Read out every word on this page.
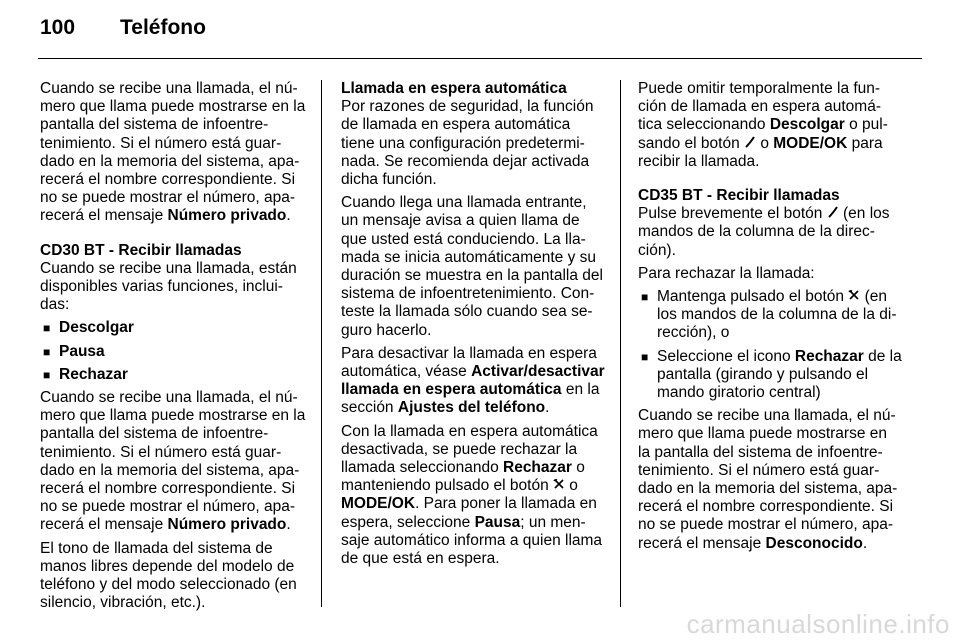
100	Teléfono

Cuando se recibe una llamada, el nú-mero que llama puede mostrarse en la pantalla del sistema de infoentre-tenimiento. Si el número está guar-dado en la memoria del sistema, apa-recerá el nombre correspondiente. Si no se puede mostrar el número, apa-recerá el mensaje Número privado.

CD30 BT - Recibir llamadas

Cuando se recibe una llamada, están disponibles varias funciones, inclui-das:

■ Descolgar
■ Pausa
■ Rechazar

Cuando se recibe una llamada, el nú-mero que llama puede mostrarse en la pantalla del sistema de infoentre-tenimiento. Si el número está guar-dado en la memoria del sistema, apa-recerá el nombre correspondiente. Si no se puede mostrar el número, apa-recerá el mensaje Número privado.

El tono de llamada del sistema de manos libres depende del modelo de teléfono y del modo seleccionado (en silencio, vibración, etc.).

Llamada en espera automática

Por razones de seguridad, la función de llamada en espera automática tiene una configuración predetermi-nada. Se recomienda dejar activada dicha función.

Cuando llega una llamada entrante, un mensaje avisa a quien llama de que usted está conduciendo. La lla-mada se inicia automáticamente y su duración se muestra en la pantalla del sistema de infoentretenimiento. Con-teste la llamada sólo cuando sea se-guro hacerlo.

Para desactivar la llamada en espera automática, véase Activar/desactivar llamada en espera automática en la sección Ajustes del teléfono.

Con la llamada en espera automática desactivada, se puede rechazar la llamada seleccionando Rechazar o manteniendo pulsado el botón  o MODE/OK. Para poner la llamada en espera, seleccione Pausa; un men-saje automático informa a quien llama de que está en espera.

Puede omitir temporalmente la fun-ción de llamada en espera automá-tica seleccionando Descolgar o pul-sando el botón  o MODE/OK para recibir la llamada.

CD35 BT - Recibir llamadas

Pulse brevemente el botón  (en los mandos de la columna de la direc-ción).

Para rechazar la llamada:

■ Mantenga pulsado el botón  (en los mandos de la columna de la di-rección), o
■ Seleccione el icono Rechazar de la pantalla (girando y pulsando el mando giratorio central)

Cuando se recibe una llamada, el nú-mero que llama puede mostrarse en la pantalla del sistema de infoentre-tenimiento. Si el número está guar-dado en la memoria del sistema, apa-recerá el nombre correspondiente. Si no se puede mostrar el número, apa-recerá el mensaje Desconocido.

carmanualsonline.info
